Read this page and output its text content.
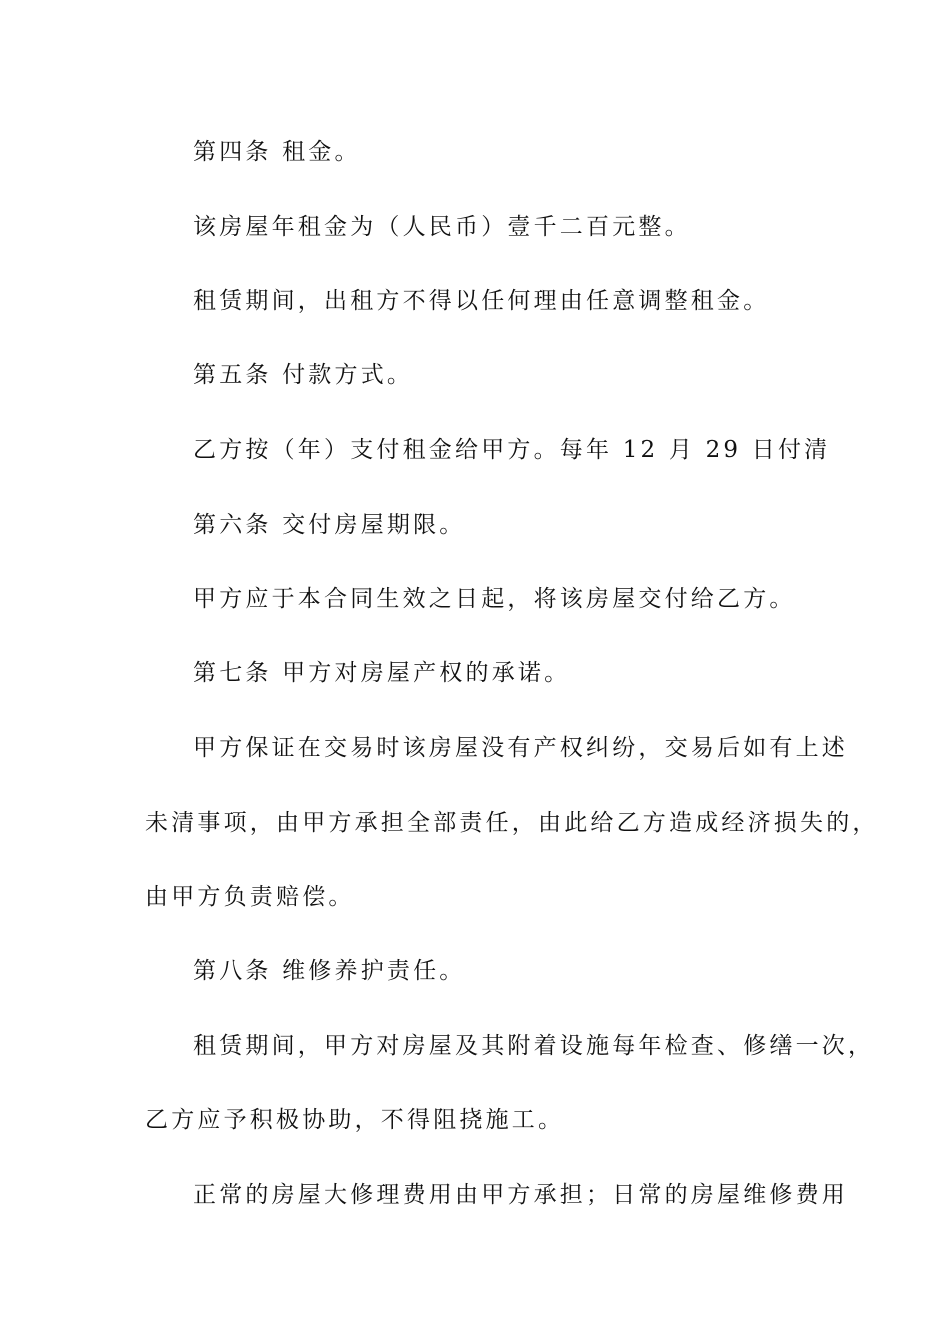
第四条 租金。
该房屋年租金为（人民币）壹千二百元整。
租赁期间，出租方不得以任何理由任意调整租金。
第五条 付款方式。
乙方按（年）支付租金给甲方。每年 12 月 29 日付清
第六条 交付房屋期限。
甲方应于本合同生效之日起，将该房屋交付给乙方。
第七条 甲方对房屋产权的承诺。
甲方保证在交易时该房屋没有产权纠纷，交易后如有上述
未清事项，由甲方承担全部责任，由此给乙方造成经济损失的，
由甲方负责赔偿。
第八条 维修养护责任。
租赁期间，甲方对房屋及其附着设施每年检查、修缮一次，
乙方应予积极协助，不得阻挠施工。
正常的房屋大修理费用由甲方承担；日常的房屋维修费用
